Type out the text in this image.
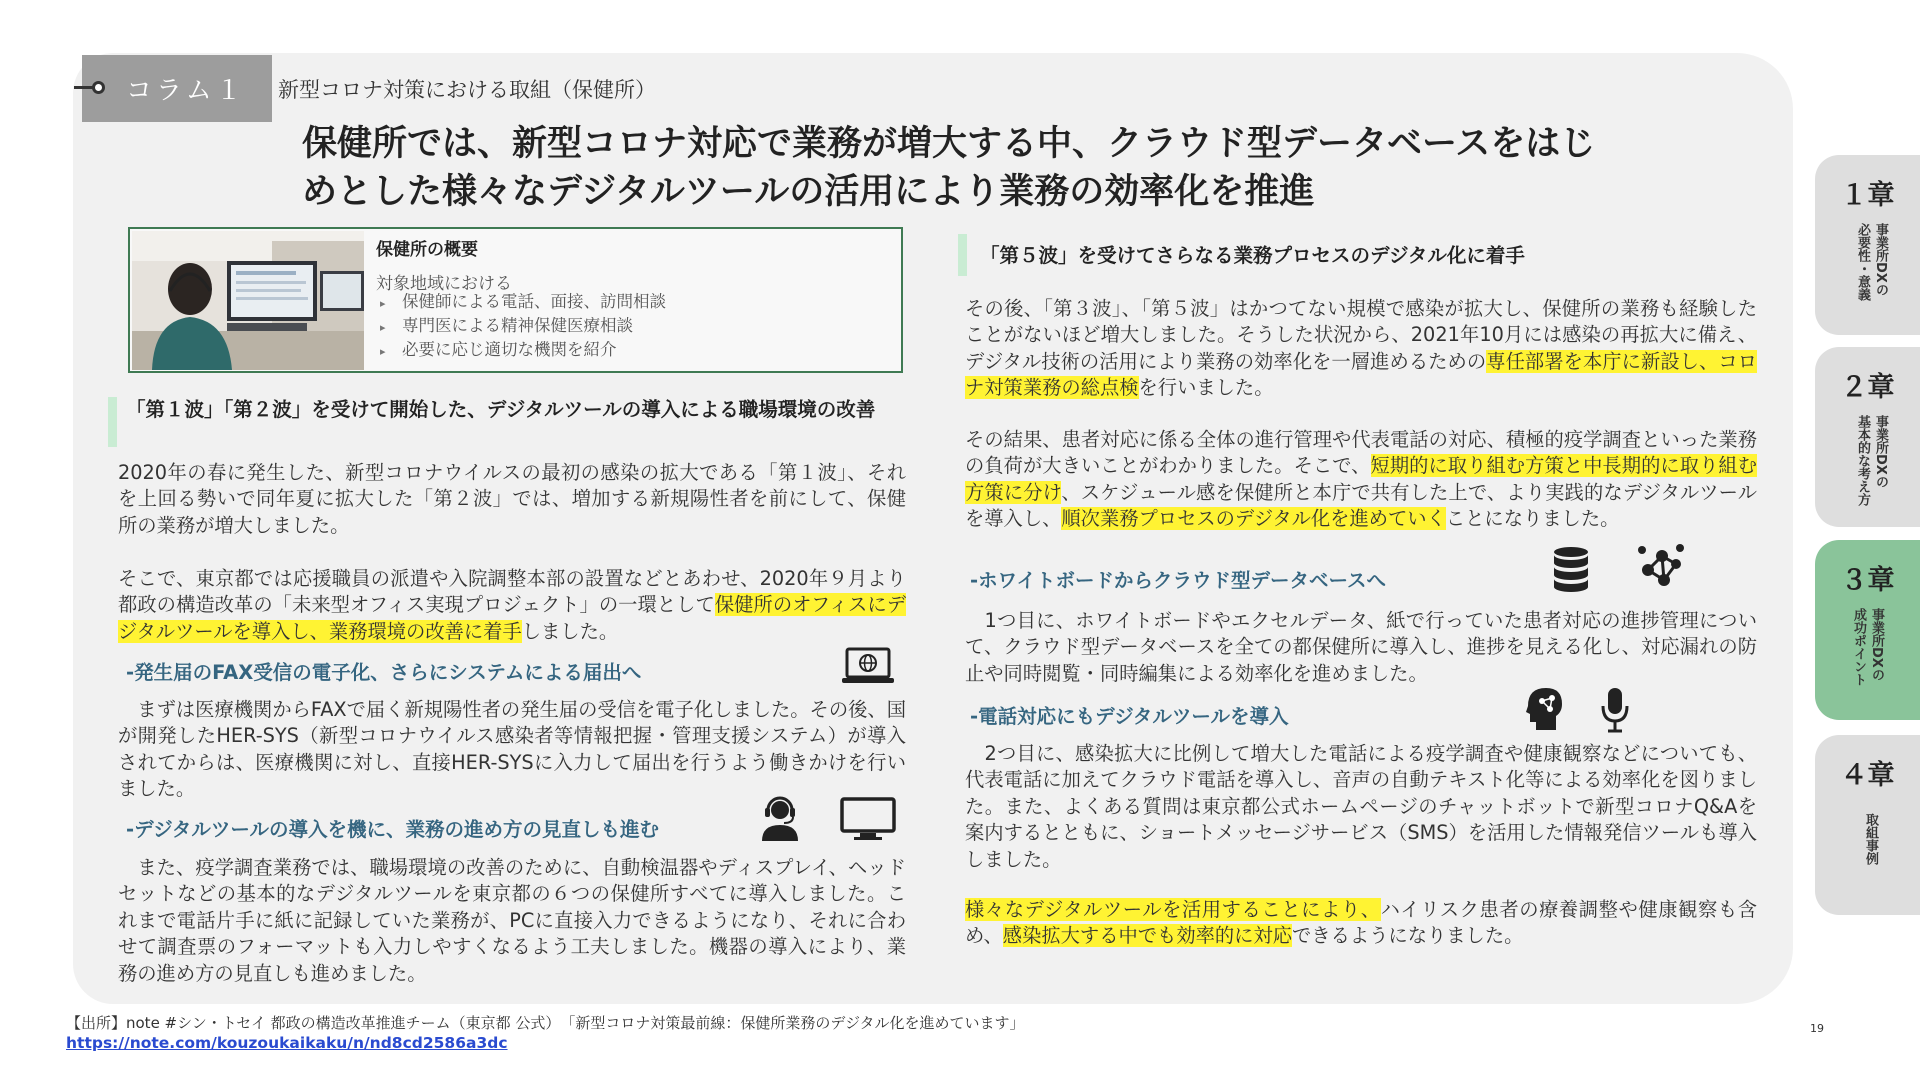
コラム１	新型コロナ対策における取組（保健所）
保健所では、新型コロナ対応で業務が増大する中、クラウド型データベースをはじ
めとした様々なデジタルツールの活用により業務の効率化を推進
保健所の概要
対象地域における
▸ 保健師による電話、面接、訪問相談
▸ 専門医による精神保健医療相談
▸ 必要に応じ適切な機関を紹介
「第１波」「第２波」を受けて開始した、デジタルツールの導入による職場環境の改善
2020年の春に発生した、新型コロナウイルスの最初の感染の拡大である「第１波」、それを上回る勢いで同年夏に拡大した「第２波」では、増加する新規陽性者を前にして、保健所の業務が増大しました。
そこで、東京都では応援職員の派遣や入院調整本部の設置などとあわせ、2020年９月より都政の構造改革の「未来型オフィス実現プロジェクト」の一環として保健所のオフィスにデジタルツールを導入し、業務環境の改善に着手しました。
-発生届のFAX受信の電子化、さらにシステムによる届出へ
　まずは医療機関からFAXで届く新規陽性者の発生届の受信を電子化しました。その後、国が開発したHER-SYS（新型コロナウイルス感染者等情報把握・管理支援システム）が導入されてからは、医療機関に対し、直接HER-SYSに入力して届出を行うよう働きかけを行いました。
-デジタルツールの導入を機に、業務の進め方の見直しも進む
　また、疫学調査業務では、職場環境の改善のために、自動検温器やディスプレイ、ヘッドセットなどの基本的なデジタルツールを東京都の６つの保健所すべてに導入しました。これまで電話片手に紙に記録していた業務が、PCに直接入力できるようになり、それに合わせて調査票のフォーマットも入力しやすくなるよう工夫しました。機器の導入により、業務の進め方の見直しも進めました。
「第５波」を受けてさらなる業務プロセスのデジタル化に着手
その後、「第３波」、「第５波」はかつてない規模で感染が拡大し、保健所の業務も経験したことがないほど増大しました。そうした状況から、2021年10月には感染の再拡大に備え、デジタル技術の活用により業務の効率化を一層進めるための専任部署を本庁に新設し、コロナ対策業務の総点検を行いました。
その結果、患者対応に係る全体の進行管理や代表電話の対応、積極的疫学調査といった業務の負荷が大きいことがわかりました。そこで、短期的に取り組む方策と中長期的に取り組む方策に分け、スケジュール感を保健所と本庁で共有した上で、より実践的なデジタルツールを導入し、順次業務プロセスのデジタル化を進めていくことになりました。
-ホワイトボードからクラウド型データベースへ
　1つ目に、ホワイトボードやエクセルデータ、紙で行っていた患者対応の進捗管理について、クラウド型データベースを全ての都保健所に導入し、進捗を見える化し、対応漏れの防止や同時閲覧・同時編集による効率化を進めました。
-電話対応にもデジタルツールを導入
　2つ目に、感染拡大に比例して増大した電話による疫学調査や健康観察などについても、代表電話に加えてクラウド電話を導入し、音声の自動テキスト化等による効率化を図りました。また、よくある質問は東京都公式ホームページのチャットボットで新型コロナQ&Aを案内するとともに、ショートメッセージサービス（SMS）を活用した情報発信ツールも導入しました。
様々なデジタルツールを活用することにより、ハイリスク患者の療養調整や健康観察も含め、感染拡大する中でも効率的に対応できるようになりました。
１章
事業所DXの
必要性・意義
２章
事業所DXの
基本的な考え方
３章
事業所DXの
成功ポイント
４章
取組事例
【出所】note #シン・トセイ 都政の構造改革推進チーム（東京都 公式）　「新型コロナ対策最前線：保健所業務のデジタル化を進めています」
https://note.com/kouzoukaikaku/n/nd8cd2586a3dc
19
